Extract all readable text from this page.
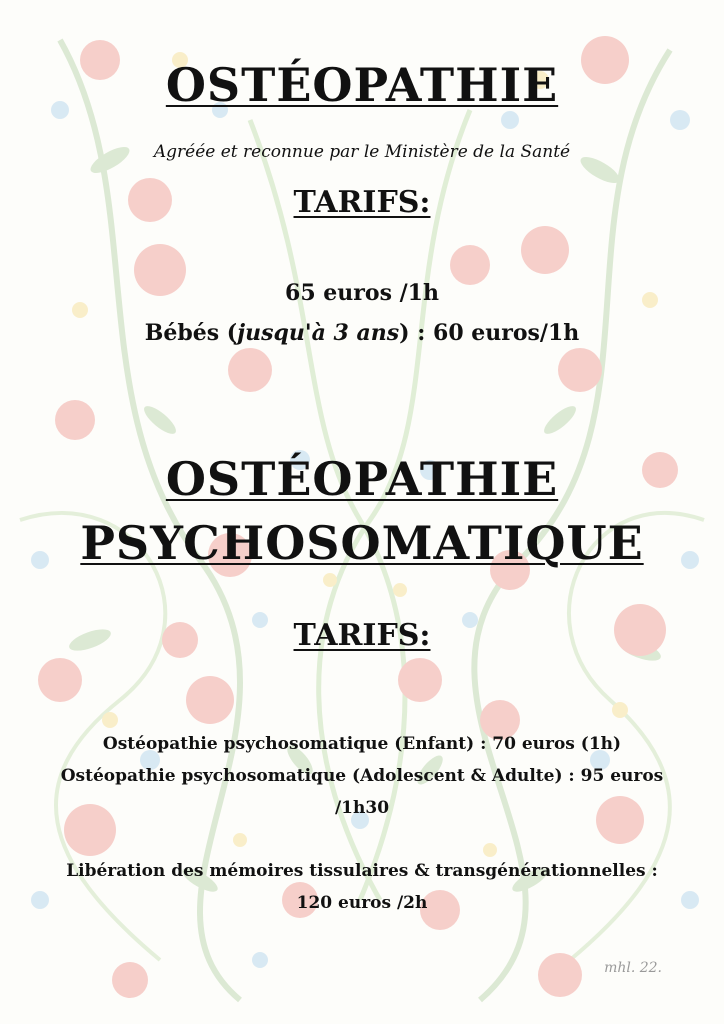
OSTÉOPATHIE
Agréée et reconnue par le Ministère de la Santé
TARIFS:
65 euros /1h
Bébés (jusqu'à 3 ans) : 60 euros/1h
OSTÉOPATHIE
PSYCHOSOMATIQUE
TARIFS:
Ostéopathie psychosomatique (Enfant) : 70 euros (1h)
Ostéopathie psychosomatique (Adolescent & Adulte) : 95 euros
/1h30
Libération des mémoires tissulaires & transgénérationnelles :
120 euros /2h
mhl. 22.
